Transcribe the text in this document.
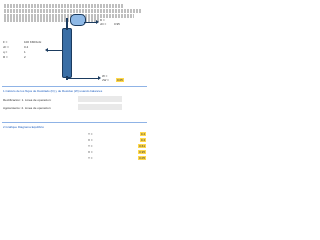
F =	100 KMOL/H
xF =	0.4
q =	1
R =	2
D =
xD =	0.95
W =
xW =	0.05
1.Calculo de los flujos de Destilado (D) y de Residuo (W) usando balances
Rectificacion: 1. Linea de operacion:
Agotamiento: 2. Linea de operacion:
2.Grafique Diagrama Equilibrio
Y =	0.4
X =	0.4
Y =	0.61
X =	0.95
Y =	0.05
